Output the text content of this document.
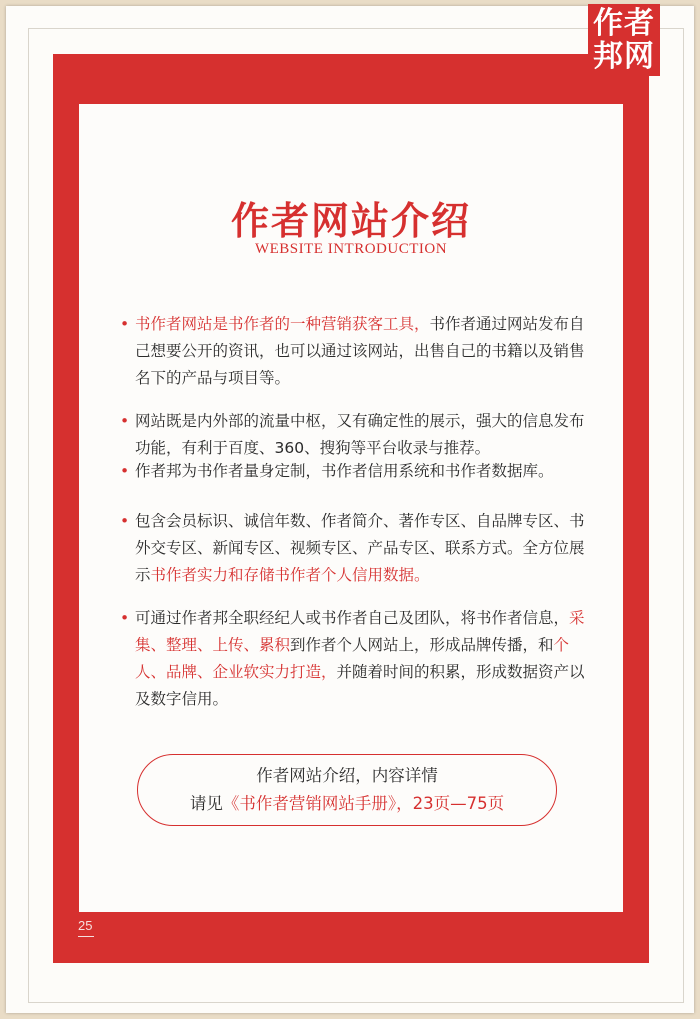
作者
邦网
作者网站介绍
WEBSITE INTRODUCTION

• 书作者网站是书作者的一种营销获客工具，书作者通过网站发布自己想要公开的资讯，也可以通过该网站，出售自己的书籍以及销售名下的产品与项目等。

• 网站既是内外部的流量中枢，又有确定性的展示，强大的信息发布功能，有利于百度、360、搜狗等平台收录与推荐。

• 作者邦为书作者量身定制，书作者信用系统和书作者数据库。

• 包含会员标识、诚信年数、作者简介、著作专区、自品牌专区、书外交专区、新闻专区、视频专区、产品专区、联系方式。全方位展示书作者实力和存储书作者个人信用数据。

• 可通过作者邦全职经纪人或书作者自己及团队，将书作者信息，采集、整理、上传、累积到作者个人网站上，形成品牌传播，和个人、品牌、企业软实力打造，并随着时间的积累，形成数据资产以及数字信用。

作者网站介绍，内容详情
请见《书作者营销网站手册》，23页—75页
25
